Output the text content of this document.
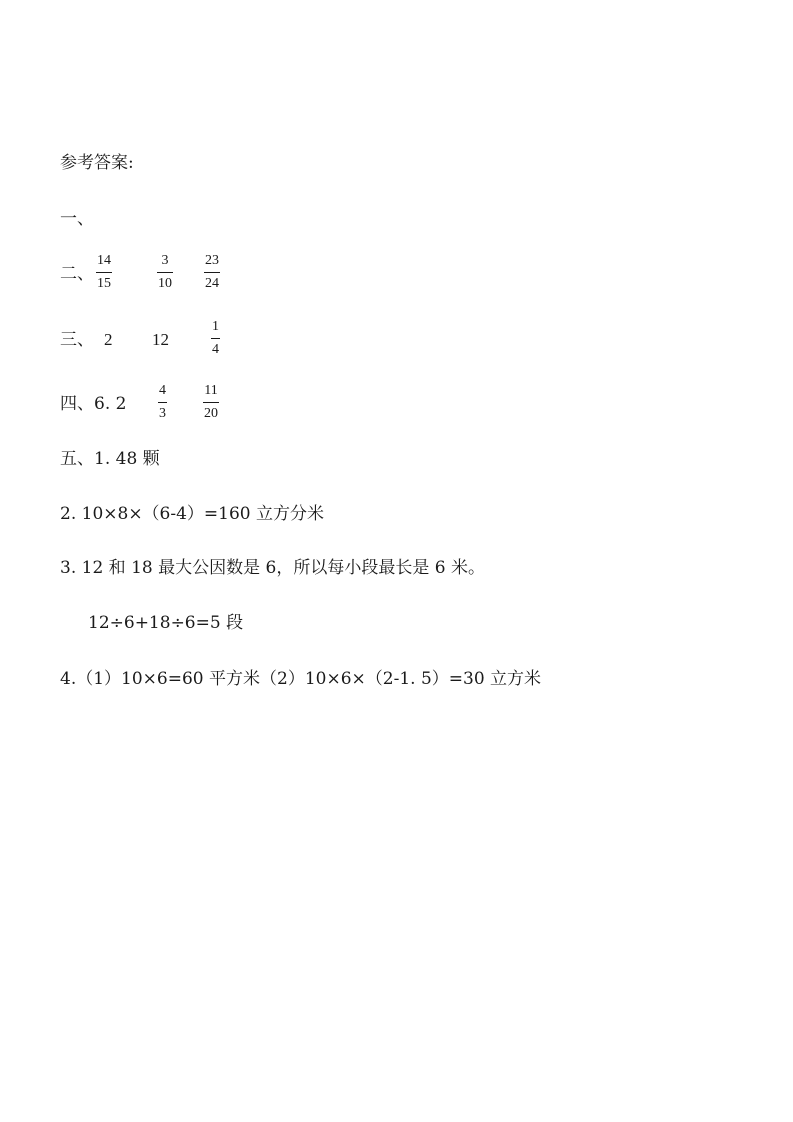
参考答案:
一、
二、
14
15
3
10
23
24
三、 2 12
1
4
四、6. 2
4
3
11
20
五、1. 48 颗
2. 10×8×（6-4）=160 立方分米
3. 12 和 18 最大公因数是 6，所以每小段最长是 6 米。
12÷6+18÷6=5 段
4.（1）10×6=60 平方米（2）10×6×（2-1. 5）=30 立方米
